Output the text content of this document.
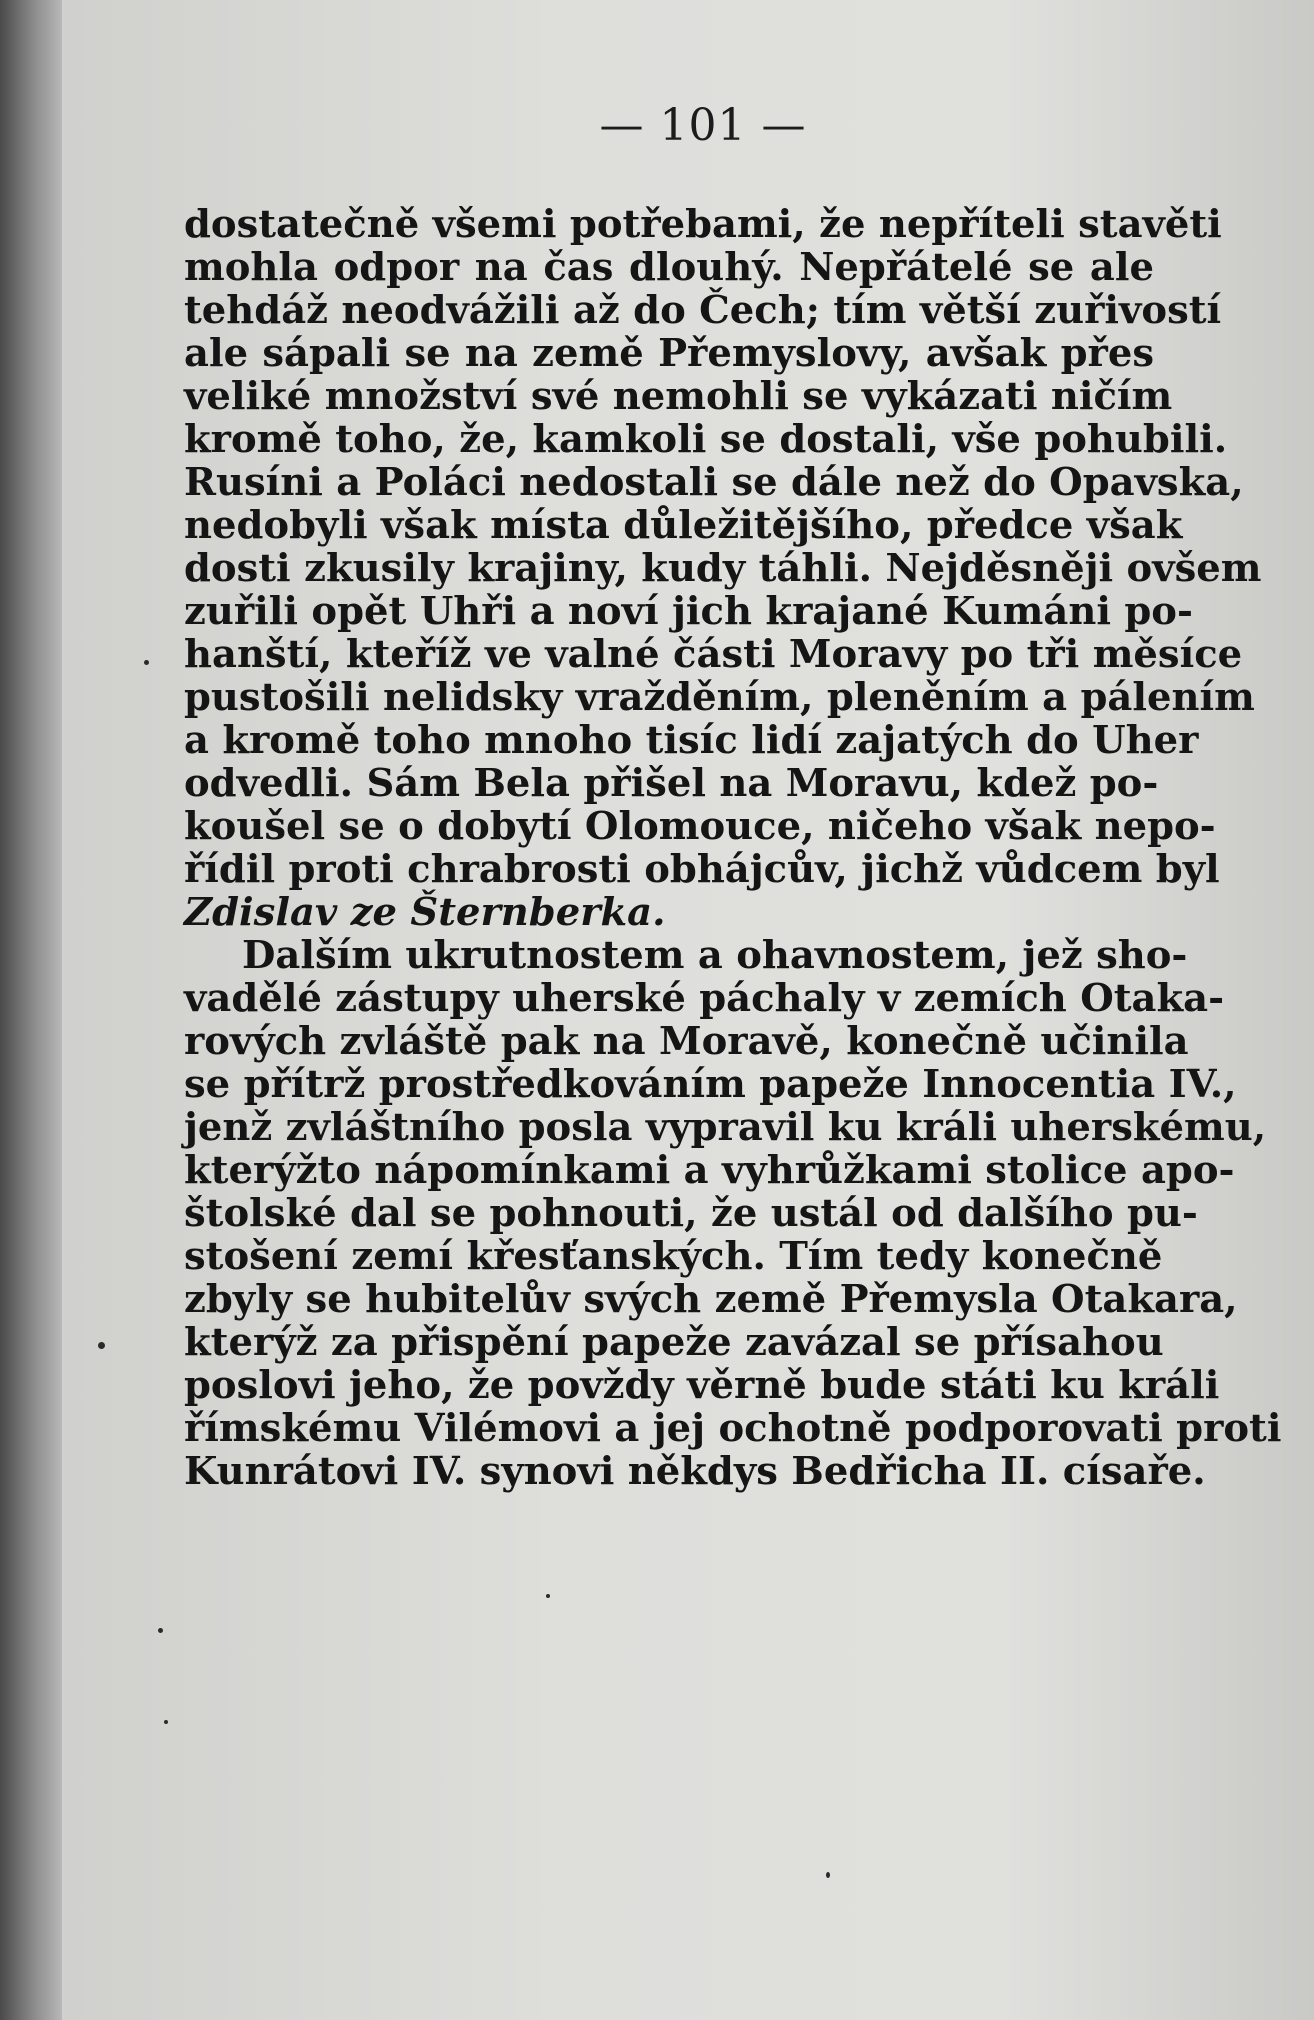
— 101 —
dostatečně všemi potřebami, že nepříteli stavěti
mohla odpor na čas dlouhý. Nepřátelé se ale
tehdáž neodvážili až do Čech; tím větší zuřivostí
ale sápali se na země Přemyslovy, avšak přes
veliké množství své nemohli se vykázati ničím
kromě toho, že, kamkoli se dostali, vše pohubili.
Rusíni a Poláci nedostali se dále než do Opavska,
nedobyli však místa důležitějšího, předce však
dosti zkusily krajiny, kudy táhli. Nejděsněji ovšem
zuřili opět Uhři a noví jich krajané Kumáni po-
hanští, kteříž ve valné části Moravy po tři měsíce
pustošili nelidsky vražděním, pleněním a pálením
a kromě toho mnoho tisíc lidí zajatých do Uher
odvedli. Sám Bela přišel na Moravu, kdež po-
koušel se o dobytí Olomouce, ničeho však nepo-
řídil proti chrabrosti obhájcův, jichž vůdcem byl
Zdislav ze Šternberka.
Dalším ukrutnostem a ohavnostem, jež sho-
vadělé zástupy uherské páchaly v zemích Otaka-
rových zvláště pak na Moravě, konečně učinila
se přítrž prostředkováním papeže Innocentia IV.,
jenž zvláštního posla vypravil ku králi uherskému,
kterýžto nápomínkami a vyhrůžkami stolice apo-
štolské dal se pohnouti, že ustál od dalšího pu-
stošení zemí křesťanských. Tím tedy konečně
zbyly se hubitelův svých země Přemysla Otakara,
kterýž za přispění papeže zavázal se přísahou
poslovi jeho, že povždy věrně bude státi ku králi
římskému Vilémovi a jej ochotně podporovati proti
Kunrátovi IV. synovi někdys Bedřicha II. císaře.
